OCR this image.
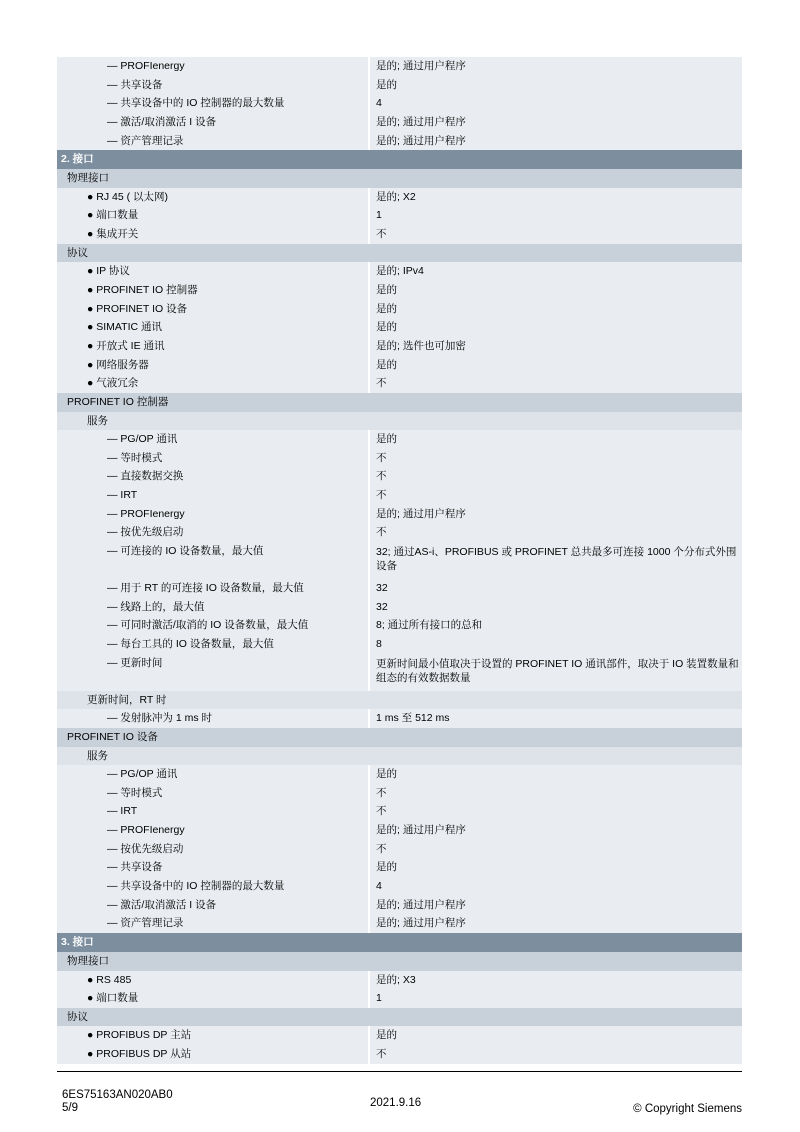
— PROFIenergy	是的; 通过用户程序
— 共享设备	是的
— 共享设备中的 IO 控制器的最大数量	4
— 激活/取消激活 I 设备	是的; 通过用户程序
— 资产管理记录	是的; 通过用户程序
2. 接口
物理接口
● RJ 45 ( 以太网)	是的; X2
● 端口数量	1
● 集成开关	不
协议
● IP 协议	是的; IPv4
● PROFINET IO 控制器	是的
● PROFINET IO 设备	是的
● SIMATIC 通讯	是的
● 开放式 IE 通讯	是的; 选件也可加密
● 网络服务器	是的
● 气液冗余	不
PROFINET IO 控制器
服务
— PG/OP 通讯	是的
— 等时模式	不
— 直接数据交换	不
— IRT	不
— PROFIenergy	是的; 通过用户程序
— 按优先级启动	不
— 可连接的 IO 设备数量，最大值	32; 通过AS-i、PROFIBUS 或 PROFINET 总共最多可连接 1000 个分布式外围设备
— 用于 RT 的可连接 IO 设备数量，最大值	32
— 线路上的，最大值	32
— 可同时激活/取消的 IO 设备数量，最大值	8; 通过所有接口的总和
— 每台工具的 IO 设备数量，最大值	8
— 更新时间	更新时间最小值取决于设置的 PROFINET IO 通讯部件，取决于 IO 装置数量和组态的有效数据数量
更新时间，RT 时
— 发射脉冲为 1 ms 时	1 ms 至 512 ms
PROFINET IO 设备
服务
— PG/OP 通讯	是的
— 等时模式	不
— IRT	不
— PROFIenergy	是的; 通过用户程序
— 按优先级启动	不
— 共享设备	是的
— 共享设备中的 IO 控制器的最大数量	4
— 激活/取消激活 I 设备	是的; 通过用户程序
— 资产管理记录	是的; 通过用户程序
3. 接口
物理接口
● RS 485	是的; X3
● 端口数量	1
协议
● PROFIBUS DP 主站	是的
● PROFIBUS DP 从站	不
6ES75163AN020AB0
5/9	2021.9.16	© Copyright Siemens
